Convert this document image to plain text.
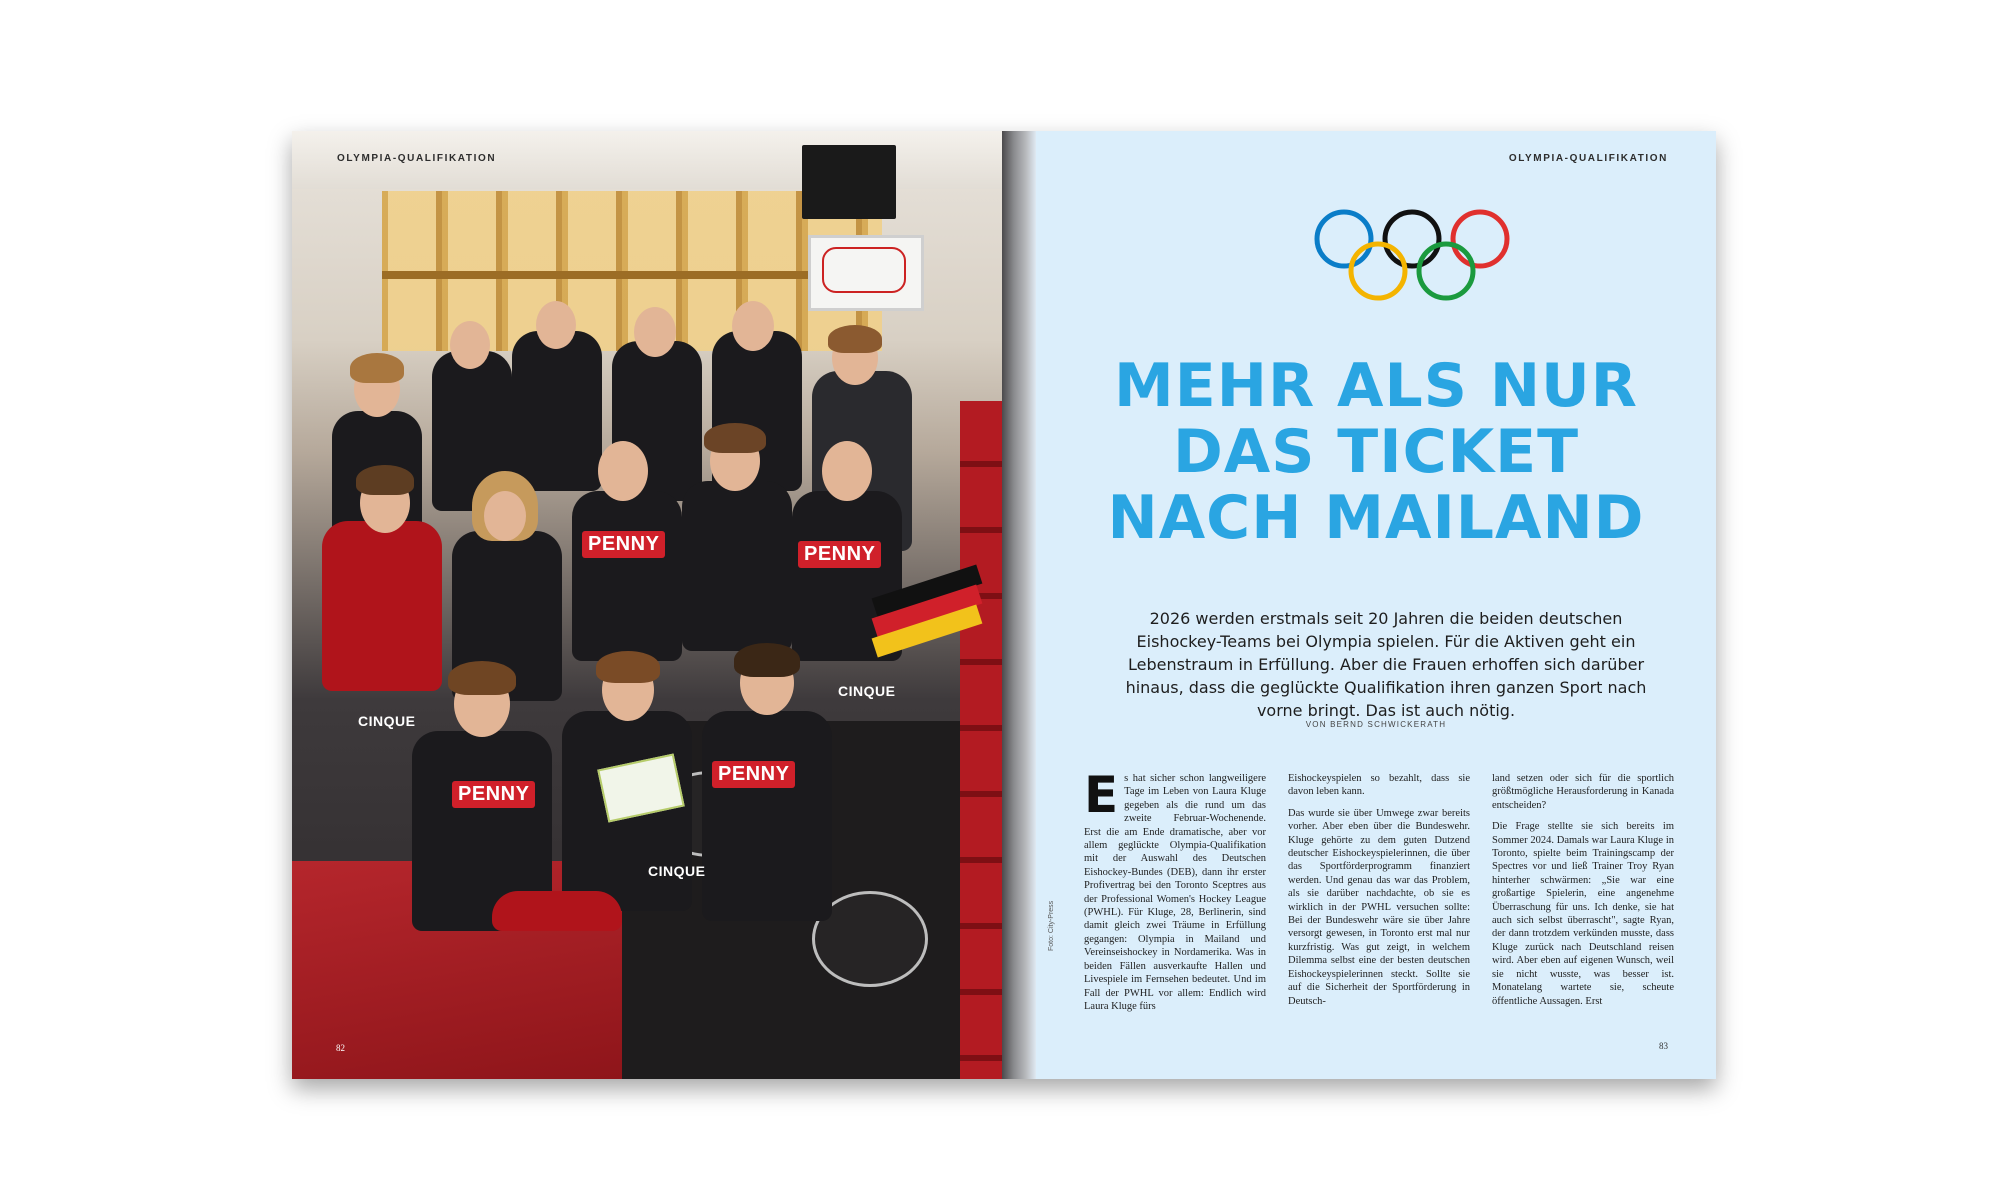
PENNY
PENNY
PENNY
PENNY
CINQUE
CINQUE
CINQUE
OLYMPIA-QUALIFIKATION
82
OLYMPIA-QUALIFIKATION
MEHR ALS NUR
DAS TICKET
NACH MAILAND
2026 werden erstmals seit 20 Jahren die beiden deutschen Eishockey-Teams bei Olympia spielen. Für die Aktiven geht ein Lebenstraum in Erfüllung. Aber die Frauen erhoffen sich darüber hinaus, dass die geglückte Qualifikation ihren ganzen Sport nach vorne bringt. Das ist auch nötig.
VON BERND SCHWICKERATH

Es hat sicher schon langweiligere Tage im Leben von Laura Kluge gegeben als die rund um das zweite Februar-Wochenende. Erst die am Ende dramatische, aber vor allem geglückte Olympia-Qualifikation mit der Auswahl des Deutschen Eishockey-Bundes (DEB), dann ihr erster Profivertrag bei den Toronto Sceptres aus der Professional Women's Hockey League (PWHL). Für Kluge, 28, Berlinerin, sind damit gleich zwei Träume in Erfüllung gegangen: Olympia in Mailand und Vereinseishockey in Nordamerika. Was in beiden Fällen ausverkaufte Hallen und Livespiele im Fernsehen bedeutet. Und im Fall der PWHL vor allem: Endlich wird Laura Kluge fürs

Eishockeyspielen so bezahlt, dass sie davon leben kann.

Das wurde sie über Umwege zwar bereits vorher. Aber eben über die Bundeswehr. Kluge gehörte zu dem guten Dutzend deutscher Eishockeyspielerinnen, die über das Sportförderprogramm finanziert werden. Und genau das war das Problem, als sie darüber nachdachte, ob sie es wirklich in der PWHL versuchen sollte: Bei der Bundeswehr wäre sie über Jahre versorgt gewesen, in Toronto erst mal nur kurzfristig. Was gut zeigt, in welchem Dilemma selbst eine der besten deutschen Eishockeyspielerinnen steckt. Sollte sie auf die Sicherheit der Sportförderung in Deutsch-

land setzen oder sich für die sportlich größtmögliche Herausforderung in Kanada entscheiden?

Die Frage stellte sie sich bereits im Sommer 2024. Damals war Laura Kluge in Toronto, spielte beim Trainingscamp der Spectres vor und ließ Trainer Troy Ryan hinterher schwärmen: „Sie war eine großartige Spielerin, eine angenehme Überraschung für uns. Ich denke, sie hat auch sich selbst überrascht", sagte Ryan, der dann trotzdem verkünden musste, dass Kluge zurück nach Deutschland reisen wird. Aber eben auf eigenen Wunsch, weil sie nicht wusste, was besser ist. Monatelang wartete sie, scheute öffentliche Aussagen. Erst

Foto: City-Press
83
